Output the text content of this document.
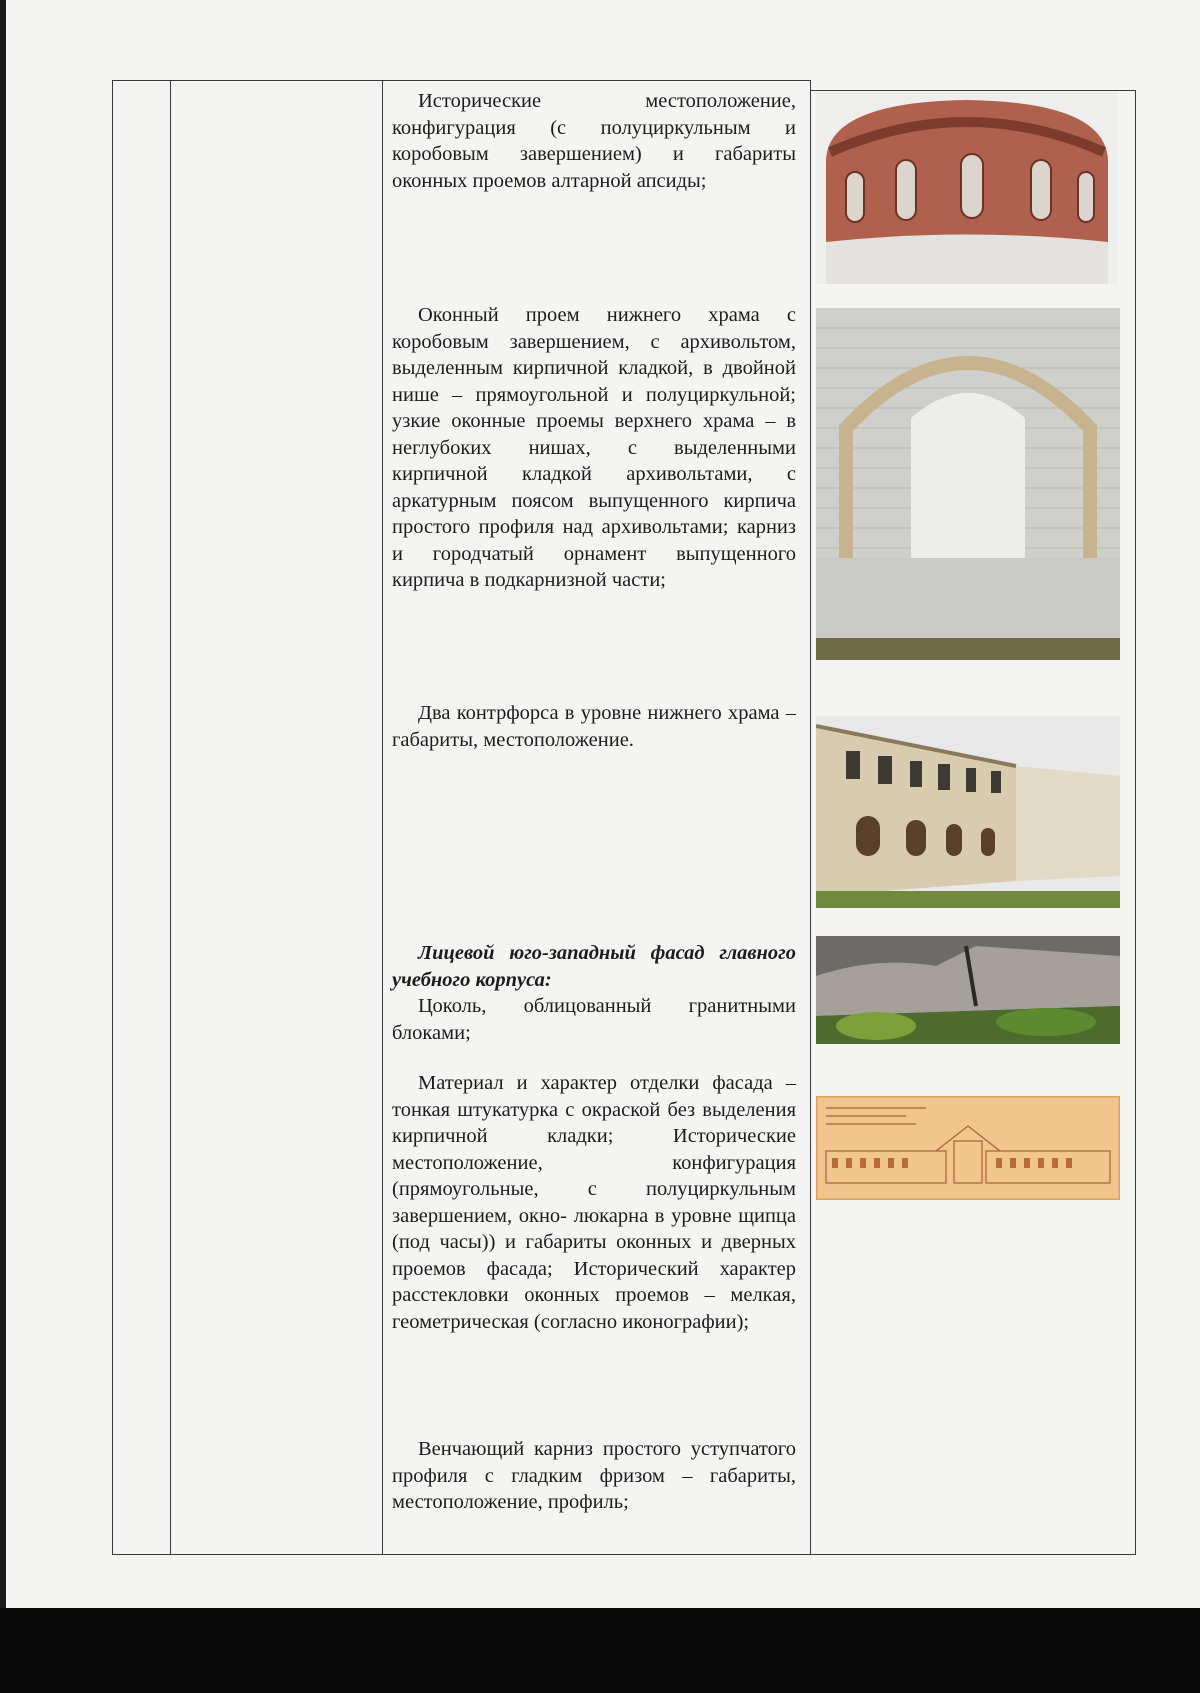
Исторические местоположение, конфигурация (с полуциркульным и коробовым завершением) и габариты оконных проемов алтарной апсиды;

Оконный проем нижнего храма с коробовым завершением, с архивольтом, выделенным кирпичной кладкой, в двойной нише – прямоугольной и полуциркульной; узкие оконные проемы верхнего храма – в неглубоких нишах, с выделенными кирпичной кладкой архивольтами, с аркатурным поясом выпущенного кирпича простого профиля над архивольтами; карниз и городчатый орнамент выпущенного кирпича в подкарнизной части;

Два контрфорса в уровне нижнего храма – габариты, местоположение.

Лицевой юго-западный фасад главного учебного корпуса:

Цоколь, облицованный гранитными блоками;

Материал и характер отделки фасада – тонкая штукатурка с окраской без выделения кирпичной кладки; Исторические местоположение, конфигурация (прямоугольные, с полуциркульным завершением, окно- люкарна в уровне щипца (под часы)) и габариты оконных и дверных проемов фасада; Исторический характер расстекловки оконных проемов – мелкая, геометрическая (согласно иконографии);

Венчающий карниз простого уступчатого профиля с гладким фризом – габариты, местоположение, профиль;
